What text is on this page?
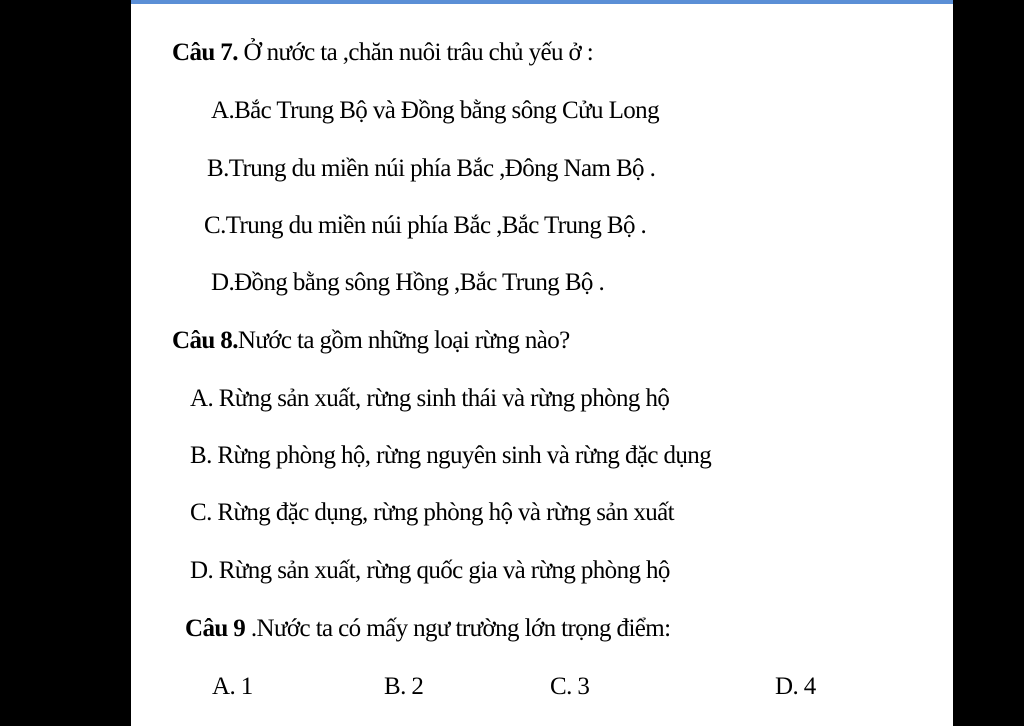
Câu 7. Ở nước ta ,chăn nuôi trâu chủ yếu ở :
A.Bắc Trung Bộ và Đồng bằng sông Cửu Long
B.Trung du miền núi phía Bắc ,Đông Nam Bộ .
C.Trung du miền núi phía Bắc ,Bắc Trung Bộ .
D.Đồng bằng sông Hồng ,Bắc Trung Bộ .
Câu 8.Nước ta gồm những loại rừng nào?
A. Rừng sản xuất, rừng sinh thái và rừng phòng hộ
B. Rừng phòng hộ, rừng nguyên sinh và rừng đặc dụng
C. Rừng đặc dụng, rừng phòng hộ và rừng sản xuất
D. Rừng sản xuất, rừng quốc gia và rừng phòng hộ
Câu 9 .Nước ta có mấy ngư trường lớn trọng điểm:
A. 1	B. 2	C. 3	D. 4
